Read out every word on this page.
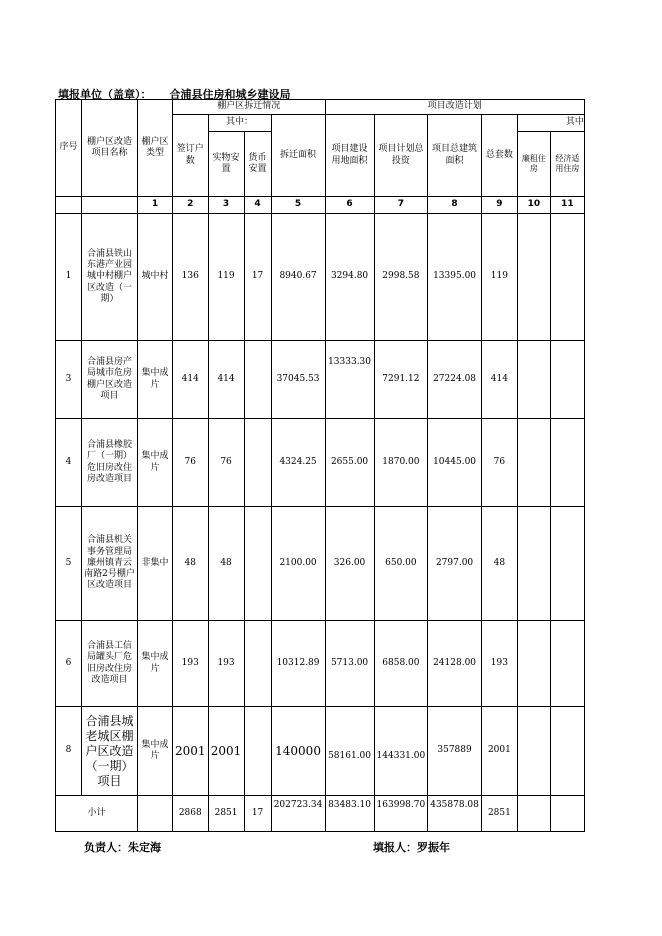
填报单位（盖章）： 合浦县住房和城乡建设局
序号	棚户区改造项目名称	棚户区类型	棚户区拆迁情况				项目改造计划					
			签订户数	其中：		拆迁面积	项目建设用地面积	项目计划总投资	项目总建筑面积	总套数	其中	
				实物安置	货币安置						廉租住房	经济适用住房
		1	2	3	4	5	6	7	8	9	10	11
1	合浦县铁山东港产业园城中村棚户区改造（一期）	城中村	136	119	17	8940.67	3294.80	2998.58	13395.00	119		
3	合浦县房产局城市危房棚户区改造项目	集中成片	414	414		37045.53	13333.30	7291.12	27224.08	414		
4	合浦县橡胶厂（一期）危旧房改住房改造项目	集中成片	76	76		4324.25	2655.00	1870.00	10445.00	76		
5	合浦县机关事务管理局廉州镇青云南路2号棚户区改造项目	非集中	48	48		2100.00	326.00	650.00	2797.00	48		
6	合浦县工信局罐头厂危旧房改住房改造项目	集中成片	193	193		10312.89	5713.00	6858.00	24128.00	193		
8	合浦县城老城区棚户区改造（一期）项目	集中成片	2001	2001		140000	58161.00	144331.00	357889	2001		
小计			2868	2851	17	202723.34	83483.10	163998.70	435878.08	2851		
负责人：朱定海	填报人：罗振年
